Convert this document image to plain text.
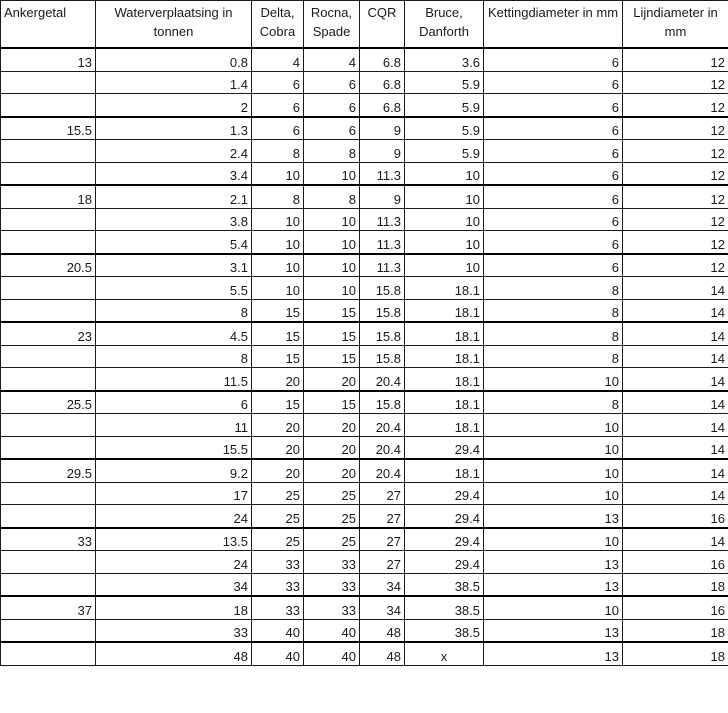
Ankergetal	Waterverplaatsing in tonnen	Delta, Cobra	Rocna, Spade	CQR	Bruce, Danforth	Kettingdiameter in mm	Lijndiameter in mm
13	0.8	4	4	6.8	3.6	6	12
	1.4	6	6	6.8	5.9	6	12
	2	6	6	6.8	5.9	6	12
15.5	1.3	6	6	9	5.9	6	12
	2.4	8	8	9	5.9	6	12
	3.4	10	10	11.3	10	6	12
18	2.1	8	8	9	10	6	12
	3.8	10	10	11.3	10	6	12
	5.4	10	10	11.3	10	6	12
20.5	3.1	10	10	11.3	10	6	12
	5.5	10	10	15.8	18.1	8	14
	8	15	15	15.8	18.1	8	14
23	4.5	15	15	15.8	18.1	8	14
	8	15	15	15.8	18.1	8	14
	11.5	20	20	20.4	18.1	10	14
25.5	6	15	15	15.8	18.1	8	14
	11	20	20	20.4	18.1	10	14
	15.5	20	20	20.4	29.4	10	14
29.5	9.2	20	20	20.4	18.1	10	14
	17	25	25	27	29.4	10	14
	24	25	25	27	29.4	13	16
33	13.5	25	25	27	29.4	10	14
	24	33	33	27	29.4	13	16
	34	33	33	34	38.5	13	18
37	18	33	33	34	38.5	10	16
	33	40	40	48	38.5	13	18
	48	40	40	48	x	13	18
